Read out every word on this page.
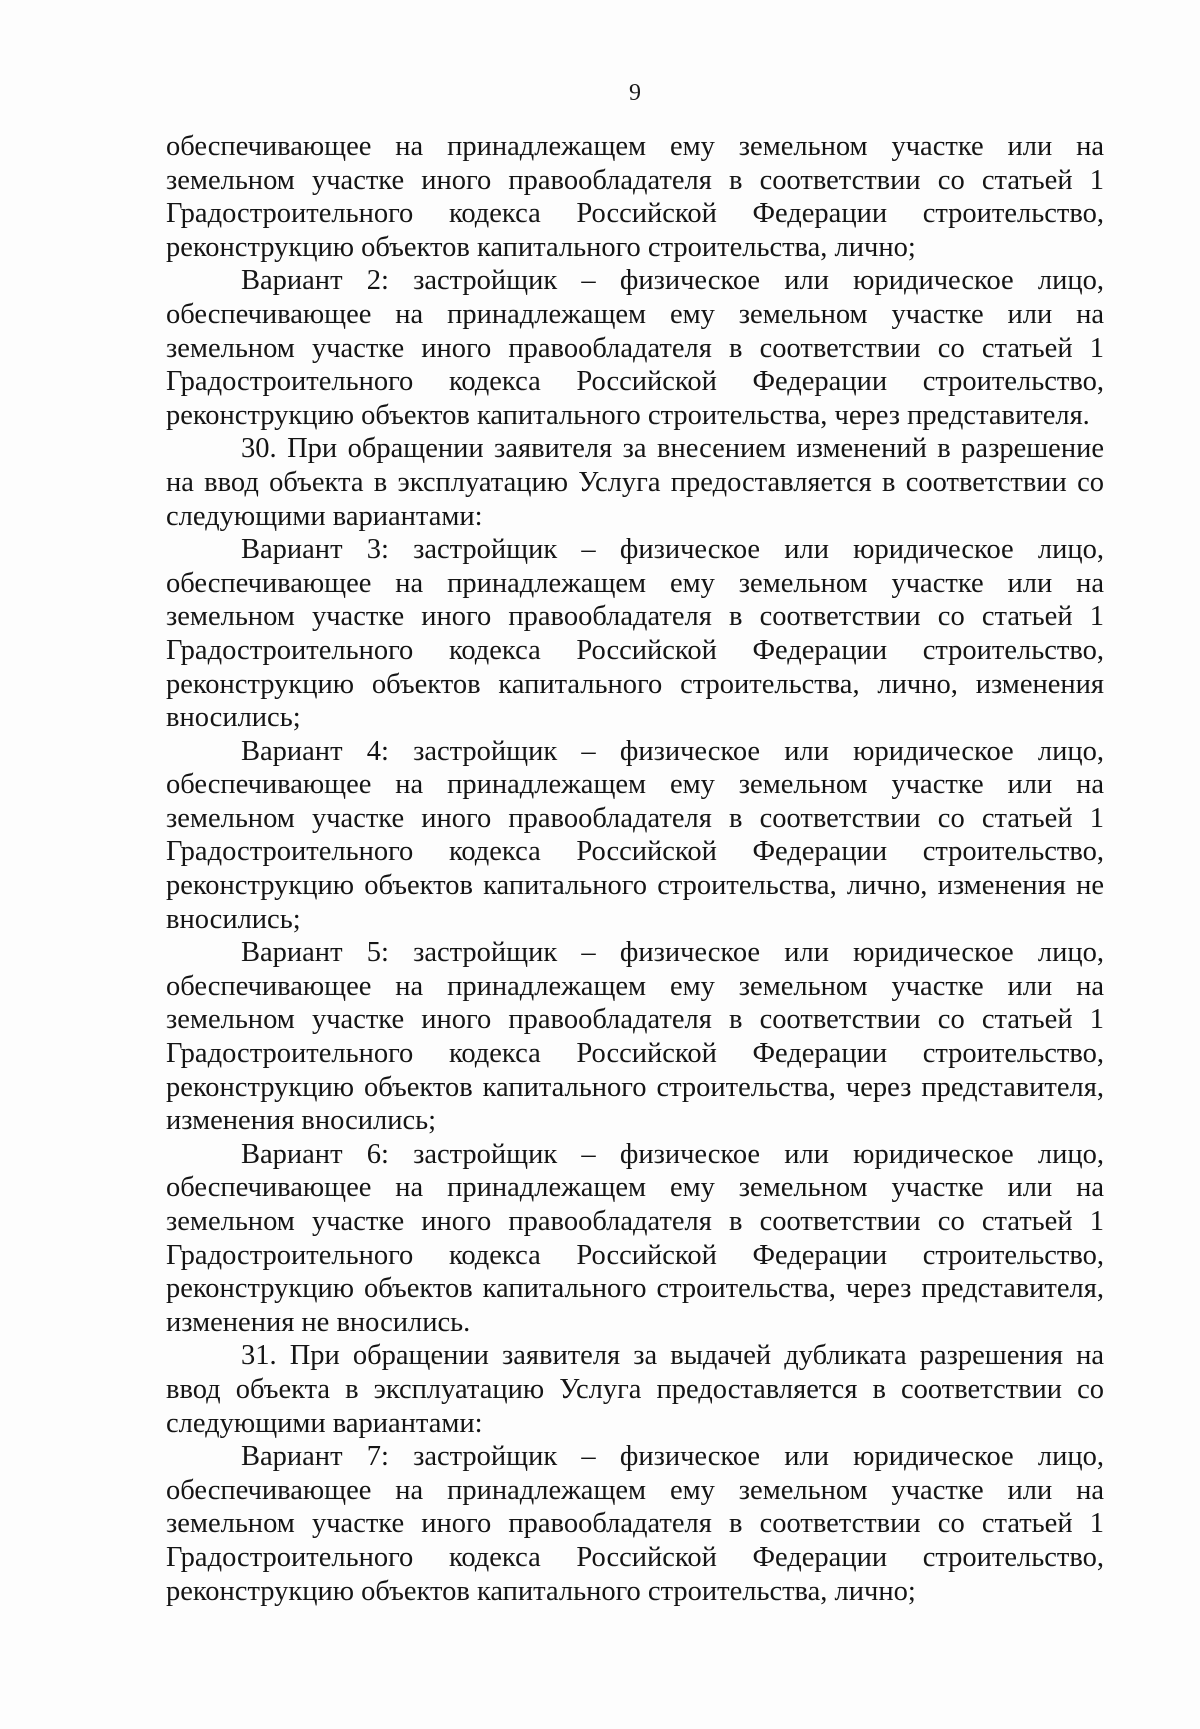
9

обеспечивающее на принадлежащем ему земельном участке или на земельном участке иного правообладателя в соответствии со статьей 1 Градостроительного кодекса Российской Федерации строительство, реконструкцию объектов капитального строительства, лично;

Вариант 2: застройщик – физическое или юридическое лицо, обеспечивающее на принадлежащем ему земельном участке или на земельном участке иного правообладателя в соответствии со статьей 1 Градостроительного кодекса Российской Федерации строительство, реконструкцию объектов капитального строительства, через представителя.

30. При обращении заявителя за внесением изменений в разрешение на ввод объекта в эксплуатацию Услуга предоставляется в соответствии со следующими вариантами:

Вариант 3: застройщик – физическое или юридическое лицо, обеспечивающее на принадлежащем ему земельном участке или на земельном участке иного правообладателя в соответствии со статьей 1 Градостроительного кодекса Российской Федерации строительство, реконструкцию объектов капитального строительства, лично, изменения вносились;

Вариант 4: застройщик – физическое или юридическое лицо, обеспечивающее на принадлежащем ему земельном участке или на земельном участке иного правообладателя в соответствии со статьей 1 Градостроительного кодекса Российской Федерации строительство, реконструкцию объектов капитального строительства, лично, изменения не вносились;

Вариант 5: застройщик – физическое или юридическое лицо, обеспечивающее на принадлежащем ему земельном участке или на земельном участке иного правообладателя в соответствии со статьей 1 Градостроительного кодекса Российской Федерации строительство, реконструкцию объектов капитального строительства, через представителя, изменения вносились;

Вариант 6: застройщик – физическое или юридическое лицо, обеспечивающее на принадлежащем ему земельном участке или на земельном участке иного правообладателя в соответствии со статьей 1 Градостроительного кодекса Российской Федерации строительство, реконструкцию объектов капитального строительства, через представителя, изменения не вносились.

31. При обращении заявителя за выдачей дубликата разрешения на ввод объекта в эксплуатацию Услуга предоставляется в соответствии со следующими вариантами:

Вариант 7: застройщик – физическое или юридическое лицо, обеспечивающее на принадлежащем ему земельном участке или на земельном участке иного правообладателя в соответствии со статьей 1 Градостроительного кодекса Российской Федерации строительство, реконструкцию объектов капитального строительства, лично;
